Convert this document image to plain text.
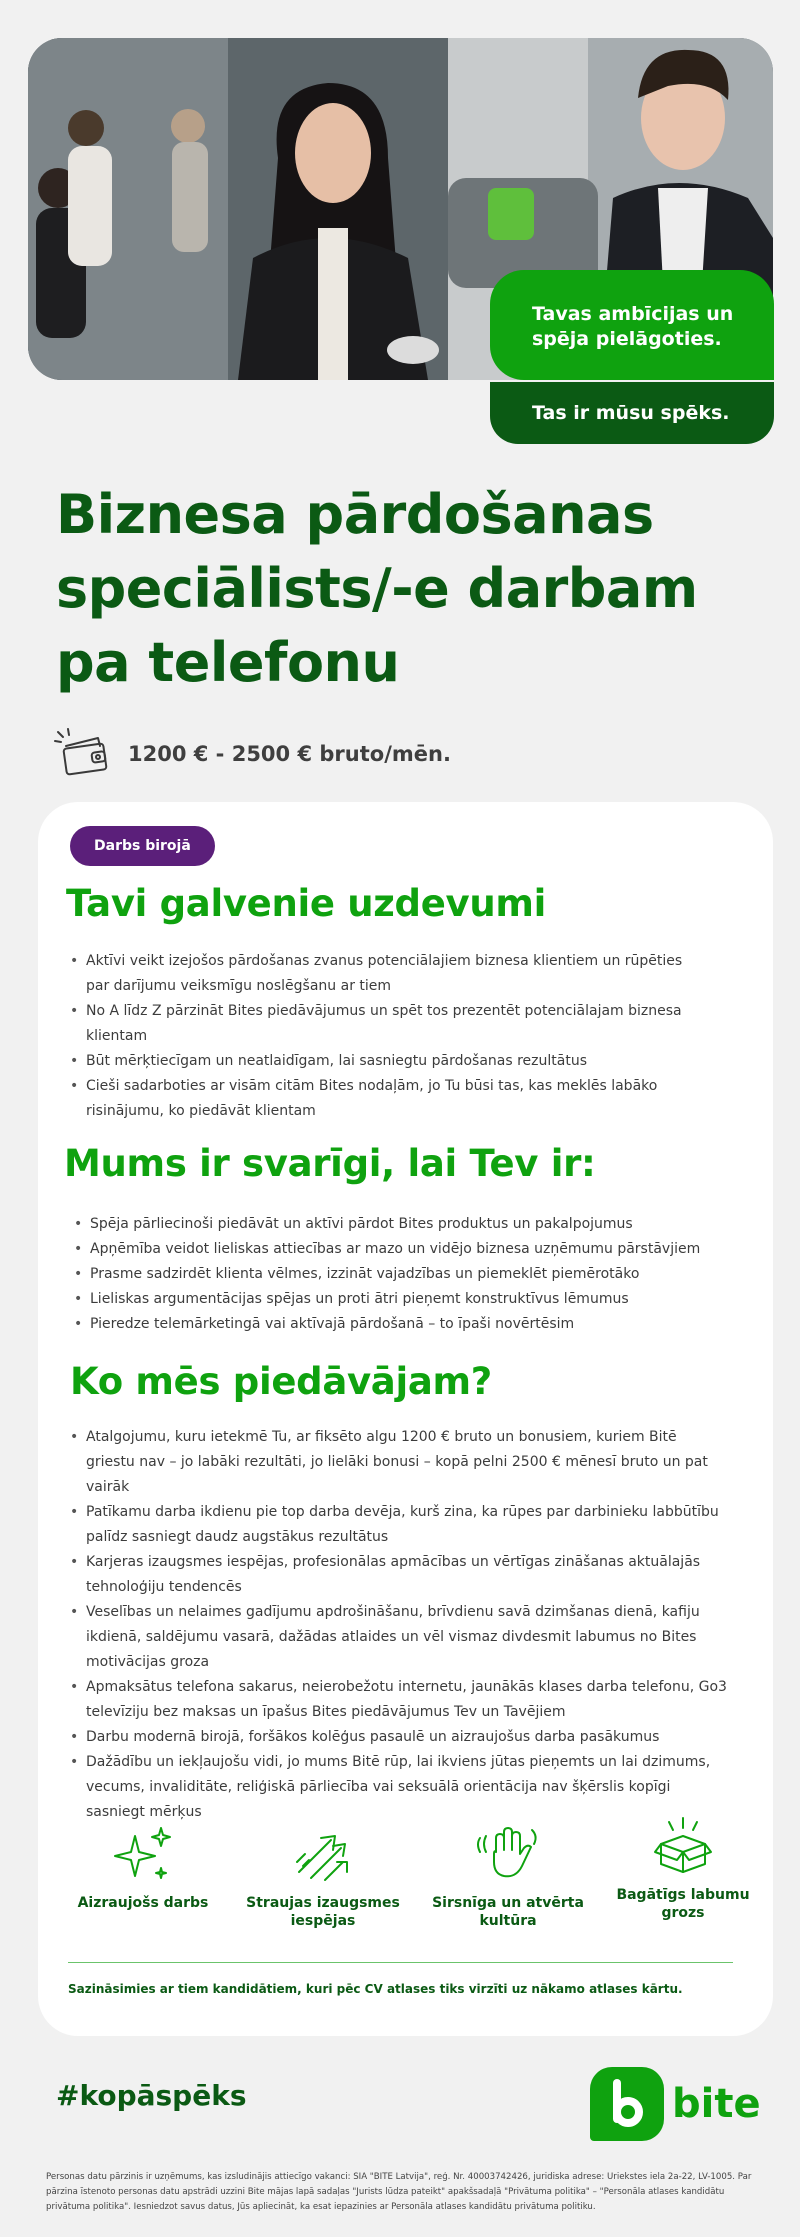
Tavas ambīcijas un spēja pielāgoties.
Tas ir mūsu spēks.
Biznesa pārdošanas speciālists/-e darbam pa telefonu
1200 € - 2500 € bruto/mēn.
Darbs birojā
Tavi galvenie uzdevumi
• Aktīvi veikt izejošos pārdošanas zvanus potenciālajiem biznesa klientiem un rūpēties par darījumu veiksmīgu noslēgšanu ar tiem
• No A līdz Z pārzināt Bites piedāvājumus un spēt tos prezentēt potenciālajam biznesa klientam
• Būt mērķtiecīgam un neatlaidīgam, lai sasniegtu pārdošanas rezultātus
• Cieši sadarboties ar visām citām Bites nodaļām, jo Tu būsi tas, kas meklēs labāko risinājumu, ko piedāvāt klientam
Mums ir svarīgi, lai Tev ir:
• Spēja pārliecinoši piedāvāt un aktīvi pārdot Bites produktus un pakalpojumus
• Apņēmība veidot lieliskas attiecības ar mazo un vidējo biznesa uzņēmumu pārstāvjiem
• Prasme sadzirdēt klienta vēlmes, izzināt vajadzības un piemeklēt piemērotāko
• Lieliskas argumentācijas spējas un proti ātri pieņemt konstruktīvus lēmumus
• Pieredze telemārketingā vai aktīvajā pārdošanā – to īpaši novērtēsim
Ko mēs piedāvājam?
• Atalgojumu, kuru ietekmē Tu, ar fiksēto algu 1200 € bruto un bonusiem, kuriem Bitē griestu nav – jo labāki rezultāti, jo lielāki bonusi – kopā pelni 2500 € mēnesī bruto un pat vairāk
• Patīkamu darba ikdienu pie top darba devēja, kurš zina, ka rūpes par darbinieku labbūtību palīdz sasniegt daudz augstākus rezultātus
• Karjeras izaugsmes iespējas, profesionālas apmācības un vērtīgas zināšanas aktuālajās tehnoloģiju tendencēs
• Veselības un nelaimes gadījumu apdrošināšanu, brīvdienu savā dzimšanas dienā, kafiju ikdienā, saldējumu vasarā, dažādas atlaides un vēl vismaz divdesmit labumus no Bites motivācijas groza
• Apmaksātus telefona sakarus, neierobežotu internetu, jaunākās klases darba telefonu, Go3 televīziju bez maksas un īpašus Bites piedāvājumus Tev un Tavējiem
• Darbu modernā birojā, foršākos kolēģus pasaulē un aizraujošus darba pasākumus
• Dažādību un iekļaujošu vidi, jo mums Bitē rūp, lai ikviens jūtas pieņemts un lai dzimums, vecums, invaliditāte, reliģiskā pārliecība vai seksuālā orientācija nav šķērslis kopīgi sasniegt mērķus
Aizraujošs darbs	Straujas izaugsmes iespējas
Sirsnīga un atvērta kultūra
Bagātīgs labumu grozs
Sazināsimies ar tiem kandidātiem, kuri pēc CV atlases tiks virzīti uz nākamo atlases kārtu.
#kopāspēks	bite
Personas datu pārzinis ir uzņēmums, kas izsludinājis attiecīgo vakanci: SIA "BITE Latvija", reģ. Nr. 40003742426, juridiska adrese: Uriekstes iela 2a-22, LV-1005. Par pārzina īstenoto personas datu apstrādi uzzini Bite mājas lapā sadaļas "Jurists lūdza pateikt" apakšsadaļā "Privātuma politika" – "Personāla atlases kandidātu privātuma politika". Iesniedzot savus datus, Jūs apliecināt, ka esat iepazinies ar Personāla atlases kandidātu privātuma politiku.
